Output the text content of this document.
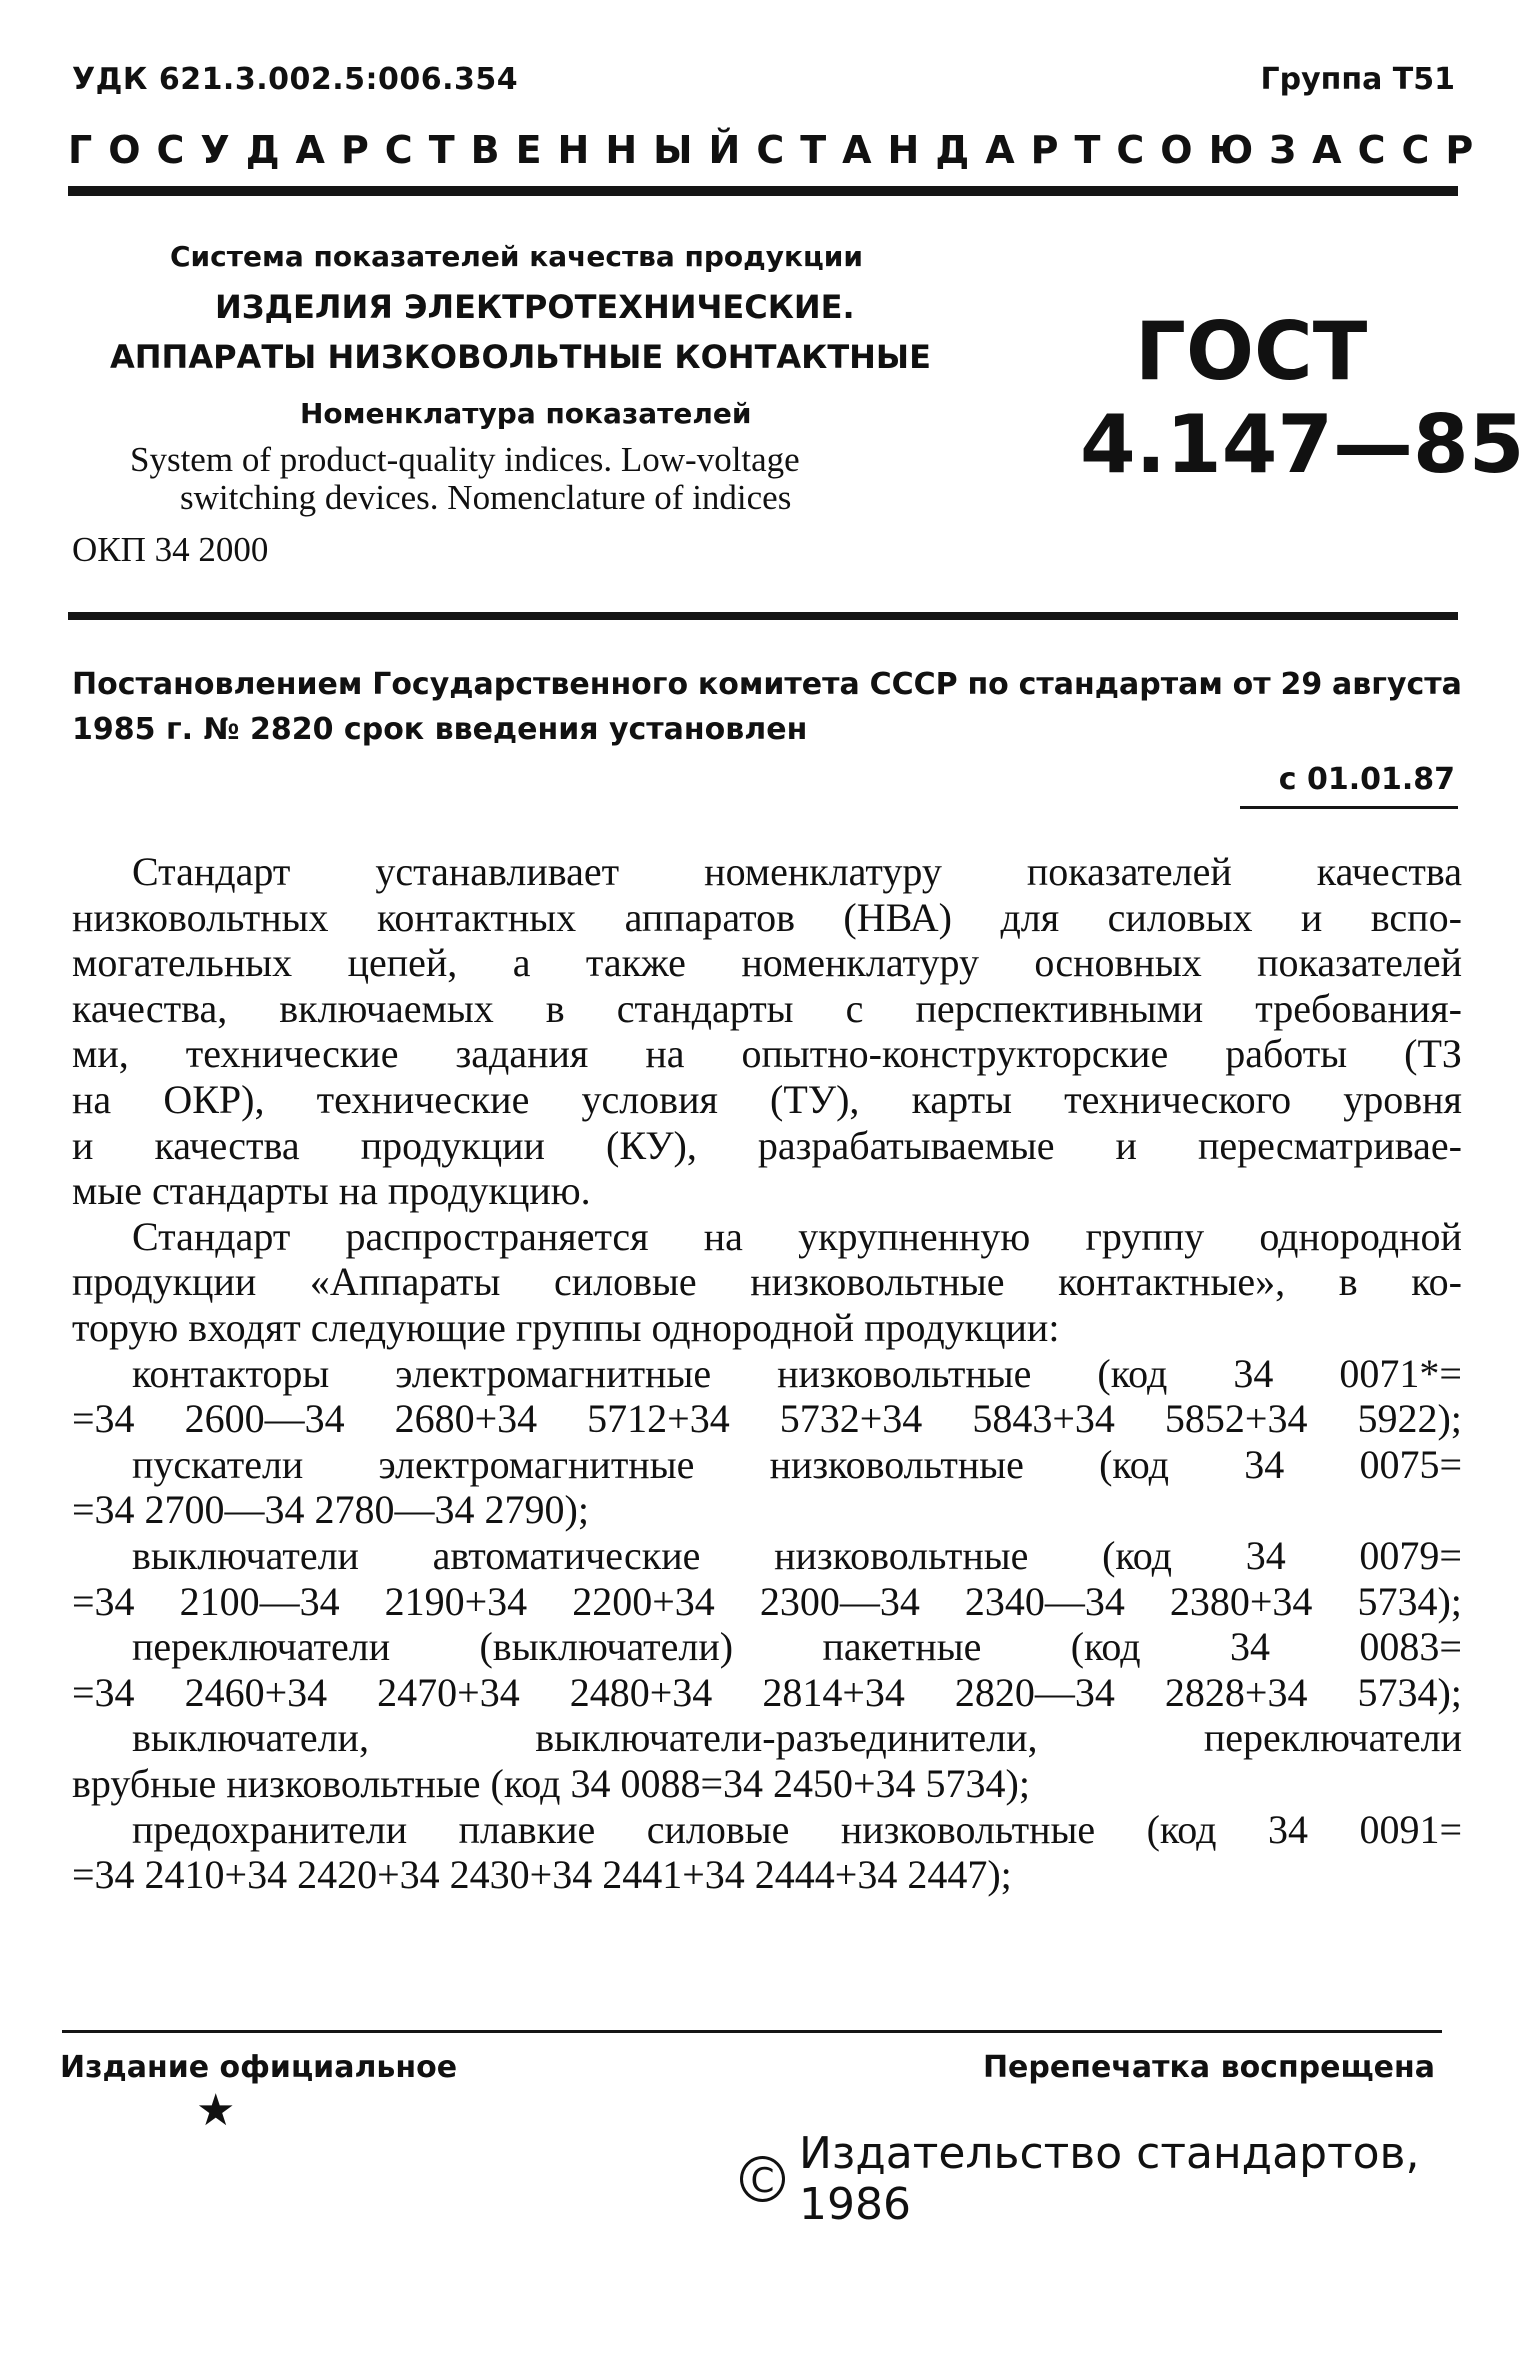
УДК 621.3.002.5:006.354	Группа Т51
ГОСУДАРСТВЕННЫЙ СТАНДАРТ СОЮЗА ССР
Система показателей качества продукции
ИЗДЕЛИЯ ЭЛЕКТРОТЕХНИЧЕСКИЕ.
АППАРАТЫ НИЗКОВОЛЬТНЫЕ КОНТАКТНЫЕ
Номенклатура показателей
System of product-quality indices. Low-voltage
switching devices. Nomenclature of indices
ОКП 34 2000
ГОСТ
4.147—85
Постановлением Государственного комитета СССР по стандартам от 29 августа
1985 г. № 2820 срок введения установлен
с 01.01.87
Стандарт устанавливает номенклатуру показателей качества
низковольтных контактных аппаратов (НВА) для силовых и вспо-
могательных цепей, а также номенклатуру основных показателей
качества, включаемых в стандарты с перспективными требования-
ми, технические задания на опытно-конструкторские работы (ТЗ
на ОКР), технические условия (ТУ), карты технического уровня
и качества продукции (КУ), разрабатываемые и пересматривае-
мые стандарты на продукцию.
Стандарт распространяется на укрупненную группу однородной
продукции «Аппараты силовые низковольтные контактные», в ко-
торую входят следующие группы однородной продукции:
контакторы электромагнитные низковольтные (код 34 0071*=
=34 2600—34 2680+34 5712+34 5732+34 5843+34 5852+34 5922);
пускатели электромагнитные низковольтные (код 34 0075=
=34 2700—34 2780—34 2790);
выключатели автоматические низковольтные (код 34 0079=
=34 2100—34 2190+34 2200+34 2300—34 2340—34 2380+34 5734);
переключатели (выключатели) пакетные (код 34 0083=
=34 2460+34 2470+34 2480+34 2814+34 2820—34 2828+34 5734);
выключатели,	выключатели-разъединители,	переключатели
врубные низковольтные (код 34 0088=34 2450+34 5734);
предохранители плавкие силовые низковольтные (код 34 0091=
=34 2410+34 2420+34 2430+34 2441+34 2444+34 2447);
Издание официальное	Перепечатка воспрещена
★
C
Издательство стандартов, 1986
